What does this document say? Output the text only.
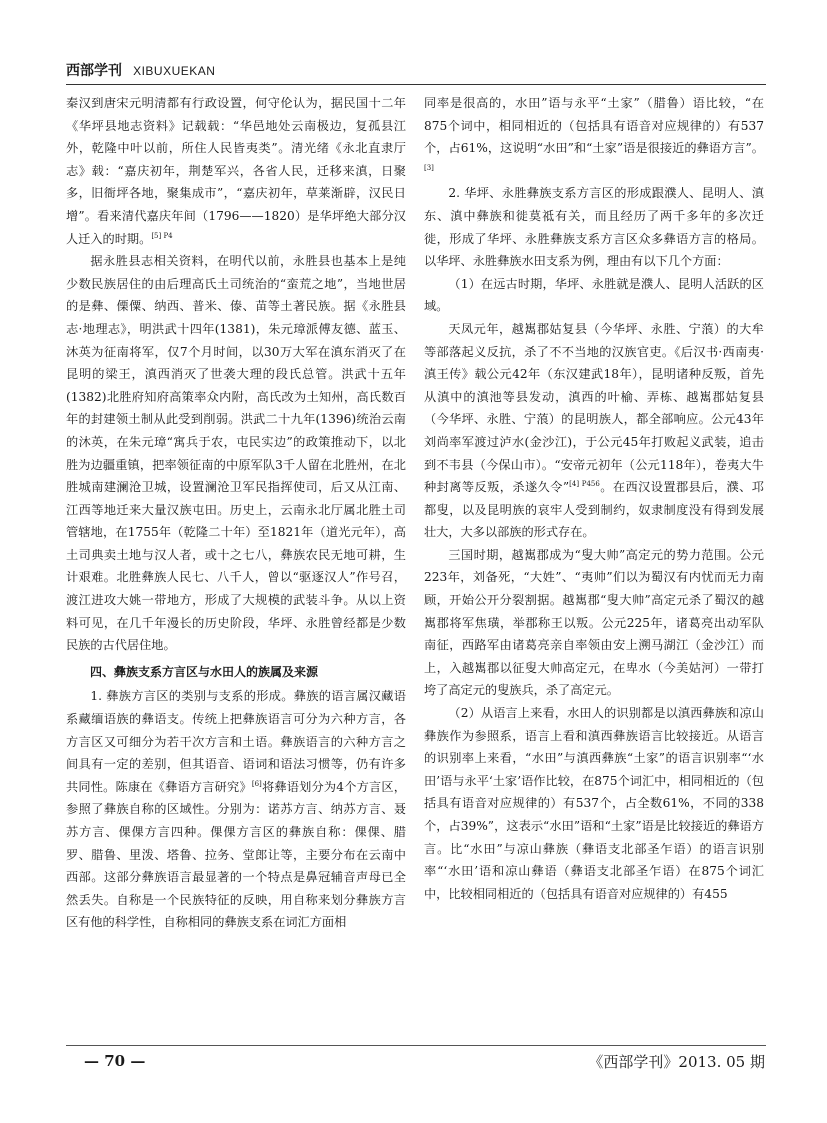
西部学刊 XIBUXUEKAN

秦汉到唐宋元明清都有行政设置，何守伦认为，据民国十二年《华坪县地志资料》记载载：“华邑地处云南极边，复孤县江外，乾隆中叶以前，所住人民皆夷类”。清光绪《永北直隶厅志》载：“嘉庆初年，荆楚军兴，各省人民，迁移来滇，日聚多，旧衙坪各地，聚集成市”，“嘉庆初年，草莱渐辟，汉民日增”。看来清代嘉庆年间（1796——1820）是华坪绝大部分汉人迁入的时期。$^{[5] P4}$

据永胜县志相关资料，在明代以前，永胜县也基本上是纯少数民族居住的由后理高氏土司统治的“蛮荒之地”，当地世居的是彝、傈僳、纳西、普米、傣、苗等土著民族。据《永胜县志·地理志》，明洪武十四年(1381)，朱元璋派傅友德、蓝玉、沐英为征南将军，仅7个月时间，以30万大军在滇东消灭了在昆明的梁王，滇西消灭了世袭大理的段氏总管。洪武十五年(1382)北胜府知府高策率众内附，高氏改为土知州，高氏数百年的封建领土制从此受到削弱。洪武二十九年(1396)统治云南的沐英，在朱元璋“寓兵于农，屯民实边”的政策推动下，以北胜为边疆重镇，把率领征南的中原军队3千人留在北胜州，在北胜城南建澜沧卫城，设置澜沧卫军民指挥使司，后又从江南、江西等地迁来大量汉族屯田。历史上，云南永北厅属北胜土司管辖地，在1755年（乾隆二十年）至1821年（道光元年），高土司典卖土地与汉人者，或十之七八，彝族农民无地可耕，生计艰难。北胜彝族人民七、八千人，曾以“驱逐汉人”作号召，渡江进攻大姚一带地方，形成了大规模的武装斗争。从以上资料可见，在几千年漫长的历史阶段，华坪、永胜曾经都是少数民族的古代居住地。

四、彝族支系方言区与水田人的族属及来源

1. 彝族方言区的类别与支系的形成。彝族的语言属汉藏语系藏缅语族的彝语支。传统上把彝族语言可分为六种方言，各方言区又可细分为若干次方言和土语。彝族语言的六种方言之间具有一定的差别，但其语音、语词和语法习惯等，仍有许多共同性。陈康在《彝语方言研究》[6]将彝语划分为4个方言区，参照了彝族自称的区域性。分别为：诺苏方言、纳苏方言、聂苏方言、倮倮方言四种。倮倮方言区的彝族自称：倮倮、腊罗、腊鲁、里泼、塔鲁、拉务、堂郎让等，主要分布在云南中西部。这部分彝族语言最显著的一个特点是鼻冠辅音声母已全然丢失。自称是一个民族特征的反映，用自称来划分彝族方言区有他的科学性，自称相同的彝族支系在词汇方面相

同率是很高的，水田”语与永平“土家”（腊鲁）语比较，“在875个词中，相同相近的（包括具有语音对应规律的）有537个，占61%，这说明“水田”和“土家”语是很接近的彝语方言”。[3]

2. 华坪、永胜彝族支系方言区的形成跟濮人、昆明人、滇东、滇中彝族和徙莫祗有关，而且经历了两千多年的多次迁徙，形成了华坪、永胜彝族支系方言区众多彝语方言的格局。以华坪、永胜彝族水田支系为例，理由有以下几个方面：

（1）在远古时期，华坪、永胜就是濮人、昆明人活跃的区域。

天凤元年，越嶲郡姑复县（今华坪、永胜、宁蒗）的大牟等部落起义反抗，杀了不不当地的汉族官吏。《后汉书·西南夷·滇王传》载公元42年（东汉建武18年），昆明诸种反叛，首先从滇中的滇池等县发动，滇西的叶榆、弄栋、越嶲郡姑复县（今华坪、永胜、宁蒗）的昆明族人，都全部响应。公元43年刘尚率军渡过泸水(金沙江)，于公元45年打败起义武装，追击到不韦县（今保山市）。“安帝元初年（公元118年），卷夷大牛种封离等反叛，杀遂久令”$^{[4] P456}$。在西汉设置郡县后，濮、邛都叟，以及昆明族的哀牢人受到制约，奴隶制度没有得到发展壮大，大多以部族的形式存在。

三国时期，越嶲郡成为“叟大帅”高定元的势力范围。公元223年，刘备死，“大姓”、“夷帅”们以为蜀汉有内忧而无力南顾，开始公开分裂割据。越嶲郡“叟大帅”高定元杀了蜀汉的越嶲郡将军焦璜，举郡称王以叛。公元225年，诸葛亮出动军队南征，西路军由诸葛亮亲自率领由安上溯马湖江（金沙江）而上，入越嶲郡以征叟大帅高定元，在卑水（今美姑河）一带打垮了高定元的叟族兵，杀了高定元。

（2）从语言上来看，水田人的识别都是以滇西彝族和凉山彝族作为参照系，语言上看和滇西彝族语言比较接近。从语言的识别率上来看，“水田”与滇西彝族“土家”的语言识别率“‘水田’语与永平‘土家’语作比较，在875个词汇中，相同相近的（包括具有语音对应规律的）有537个，占全数61%，不同的338个，占39%”，这表示“水田”语和“土家”语是比较接近的彝语方言。比“水田”与凉山彝族（彝语支北部圣乍语）的语言识别率“‘水田’语和凉山彝语（彝语支北部圣乍语）在875个词汇中，比较相同相近的（包括具有语音对应规律的）有455

— 70 —	《西部学刊》2013. 05 期
